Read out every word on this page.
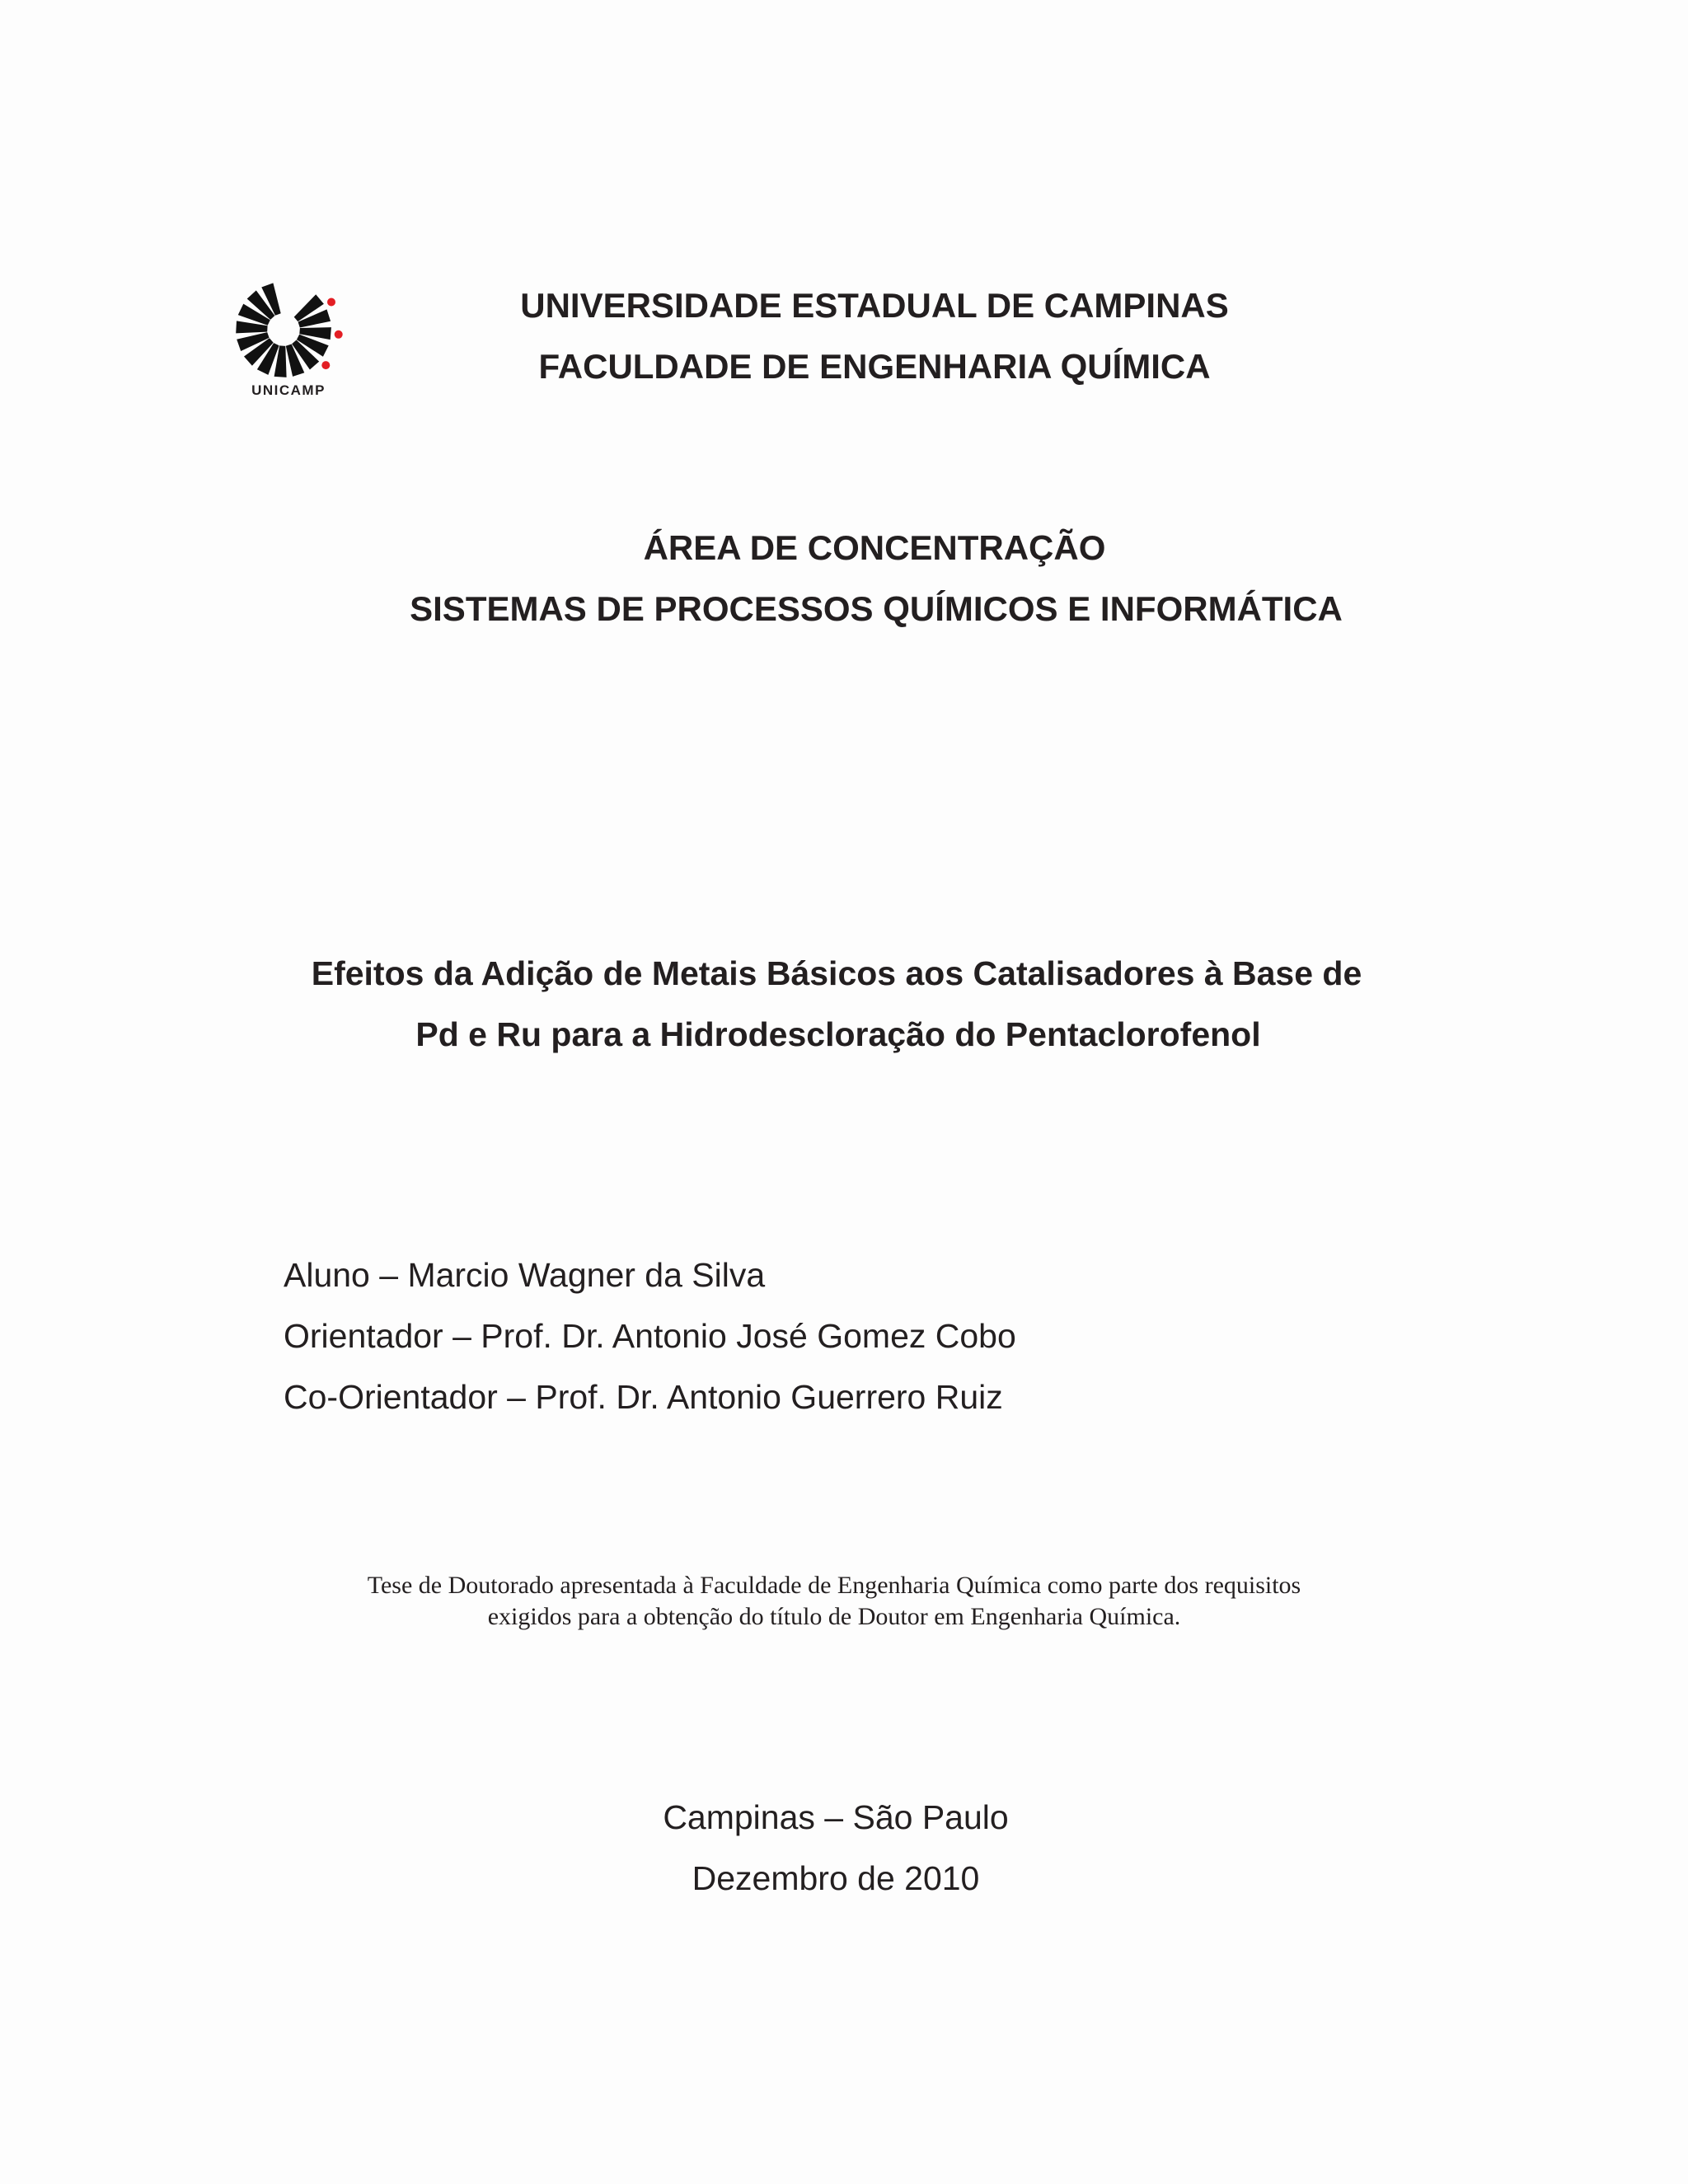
UNICAMP
UNIVERSIDADE ESTADUAL DE CAMPINAS
FACULDADE DE ENGENHARIA QUÍMICA
ÁREA DE CONCENTRAÇÃO
SISTEMAS DE PROCESSOS QUÍMICOS E INFORMÁTICA
Efeitos da Adição de Metais Básicos aos Catalisadores à Base de
Pd e Ru para a Hidrodescloração do Pentaclorofenol
Aluno – Marcio Wagner da Silva
Orientador – Prof. Dr. Antonio José Gomez Cobo
Co-Orientador – Prof. Dr. Antonio Guerrero Ruiz
Tese de Doutorado apresentada à Faculdade de Engenharia Química como parte dos requisitos
exigidos para a obtenção do título de Doutor em Engenharia Química.
Campinas – São Paulo
Dezembro de 2010
